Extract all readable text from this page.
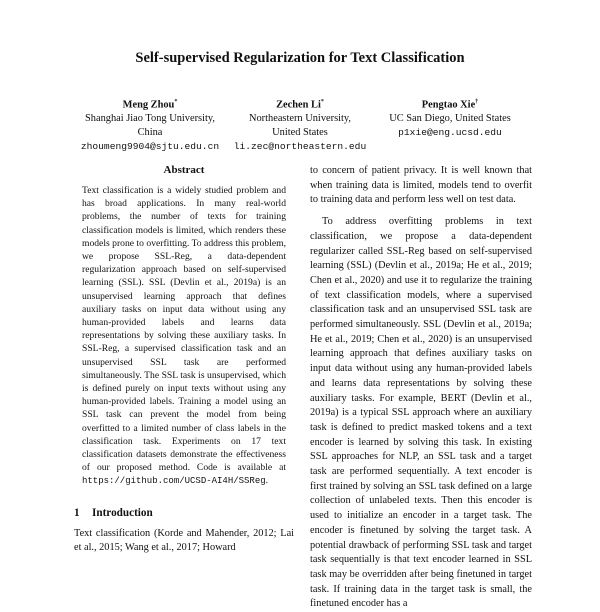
Self-supervised Regularization for Text Classification
Meng Zhou*
Shanghai Jiao Tong University,
China
zhoumeng9904@sjtu.edu.cn
Zechen Li*
Northeastern University,
United States
li.zec@northeastern.edu
Pengtao Xie†
UC San Diego, United States
p1xie@eng.ucsd.edu
Abstract
Text classification is a widely studied problem and has broad applications. In many real-world problems, the number of texts for training classification models is limited, which renders these models prone to overfitting. To address this problem, we propose SSL-Reg, a data-dependent regularization approach based on self-supervised learning (SSL). SSL (Devlin et al., 2019a) is an unsupervised learning approach that defines auxiliary tasks on input data without using any human-provided labels and learns data representations by solving these auxiliary tasks. In SSL-Reg, a supervised classification task and an unsupervised SSL task are performed simultaneously. The SSL task is unsupervised, which is defined purely on input texts without using any human-provided labels. Training a model using an SSL task can prevent the model from being overfitted to a limited number of class labels in the classification task. Experiments on 17 text classification datasets demonstrate the effectiveness of our proposed method. Code is available at https://github.com/UCSD-AI4H/SSReg.
1 Introduction

Text classification (Korde and Mahender, 2012; Lai et al., 2015; Wang et al., 2017; Howard

to concern of patient privacy. It is well known that when training data is limited, models tend to overfit to training data and perform less well on test data.

To address overfitting problems in text classification, we propose a data-dependent regularizer called SSL-Reg based on self-supervised learning (SSL) (Devlin et al., 2019a; He et al., 2019; Chen et al., 2020) and use it to regularize the training of text classification models, where a supervised classification task and an unsupervised SSL task are performed simultaneously. SSL (Devlin et al., 2019a; He et al., 2019; Chen et al., 2020) is an unsupervised learning approach that defines auxiliary tasks on input data without using any human-provided labels and learns data representations by solving these auxiliary tasks. For example, BERT (Devlin et al., 2019a) is a typical SSL approach where an auxiliary task is defined to predict masked tokens and a text encoder is learned by solving this task. In existing SSL approaches for NLP, an SSL task and a target task are performed sequentially. A text encoder is first trained by solving an SSL task defined on a large collection of unlabeled texts. Then this encoder is used to initialize an encoder in a target task. The encoder is finetuned by solving the target task. A potential drawback of performing SSL task and target task sequentially is that text encoder learned in SSL task may be overridden after being finetuned in target task. If training data in the target task is small, the finetuned encoder has a
